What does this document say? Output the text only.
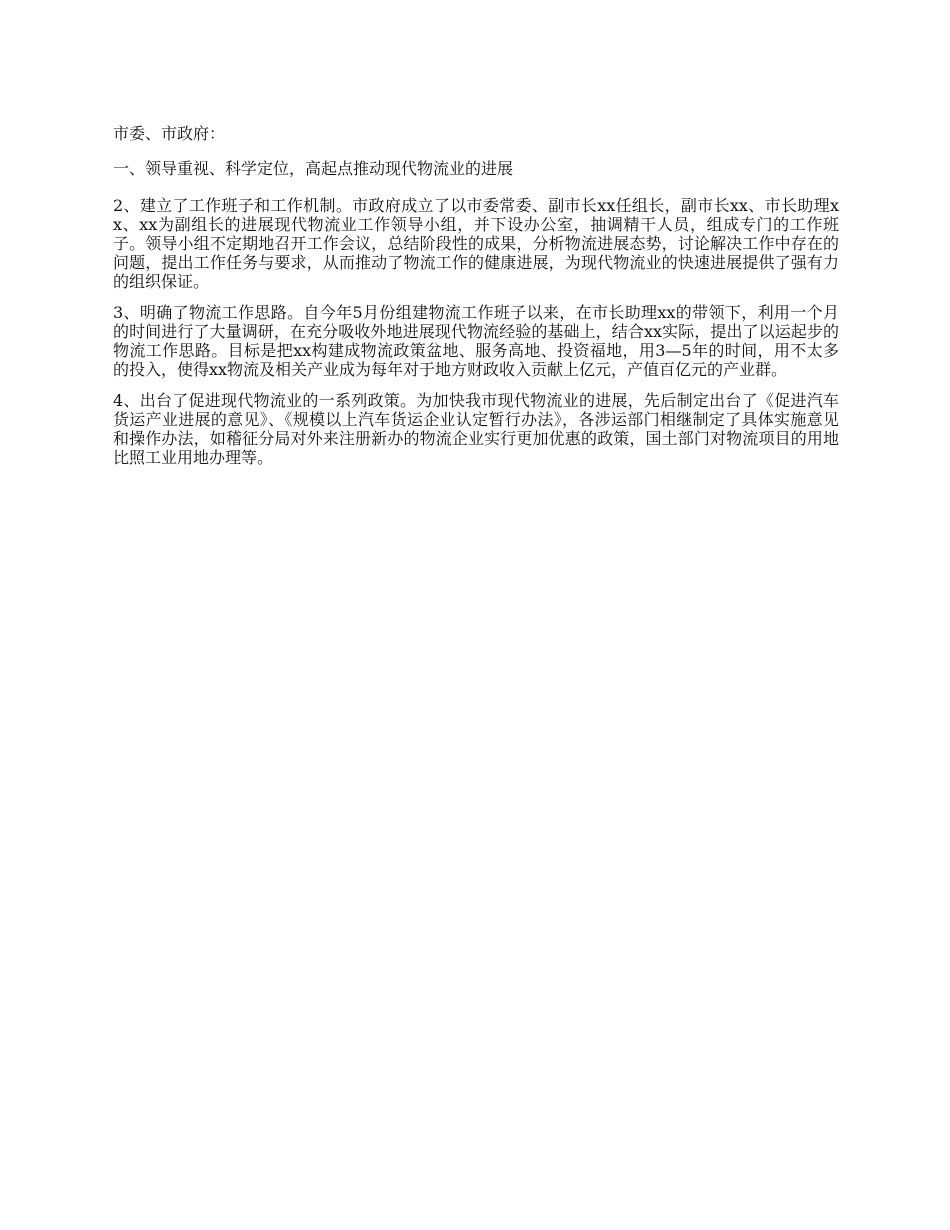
市委、市政府：

一、领导重视、科学定位，高起点推动现代物流业的进展

2、建立了工作班子和工作机制。市政府成立了以市委常委、副市长xx任组长，副市长xx、市长助理xx、xx为副组长的进展现代物流业工作领导小组，并下设办公室，抽调精干人员，组成专门的工作班子。领导小组不定期地召开工作会议，总结阶段性的成果，分析物流进展态势，讨论解决工作中存在的问题，提出工作任务与要求，从而推动了物流工作的健康进展，为现代物流业的快速进展提供了强有力的组织保证。

3、明确了物流工作思路。自今年5月份组建物流工作班子以来，在市长助理xx的带领下，利用一个月的时间进行了大量调研，在充分吸收外地进展现代物流经验的基础上，结合xx实际，提出了以运起步的物流工作思路。目标是把xx构建成物流政策盆地、服务高地、投资福地，用3—5年的时间，用不太多的投入，使得xx物流及相关产业成为每年对于地方财政收入贡献上亿元，产值百亿元的产业群。

4、出台了促进现代物流业的一系列政策。为加快我市现代物流业的进展，先后制定出台了《促进汽车货运产业进展的意见》、《规模以上汽车货运企业认定暂行办法》，各涉运部门相继制定了具体实施意见和操作办法，如稽征分局对外来注册新办的物流企业实行更加优惠的政策，国土部门对物流项目的用地比照工业用地办理等。
